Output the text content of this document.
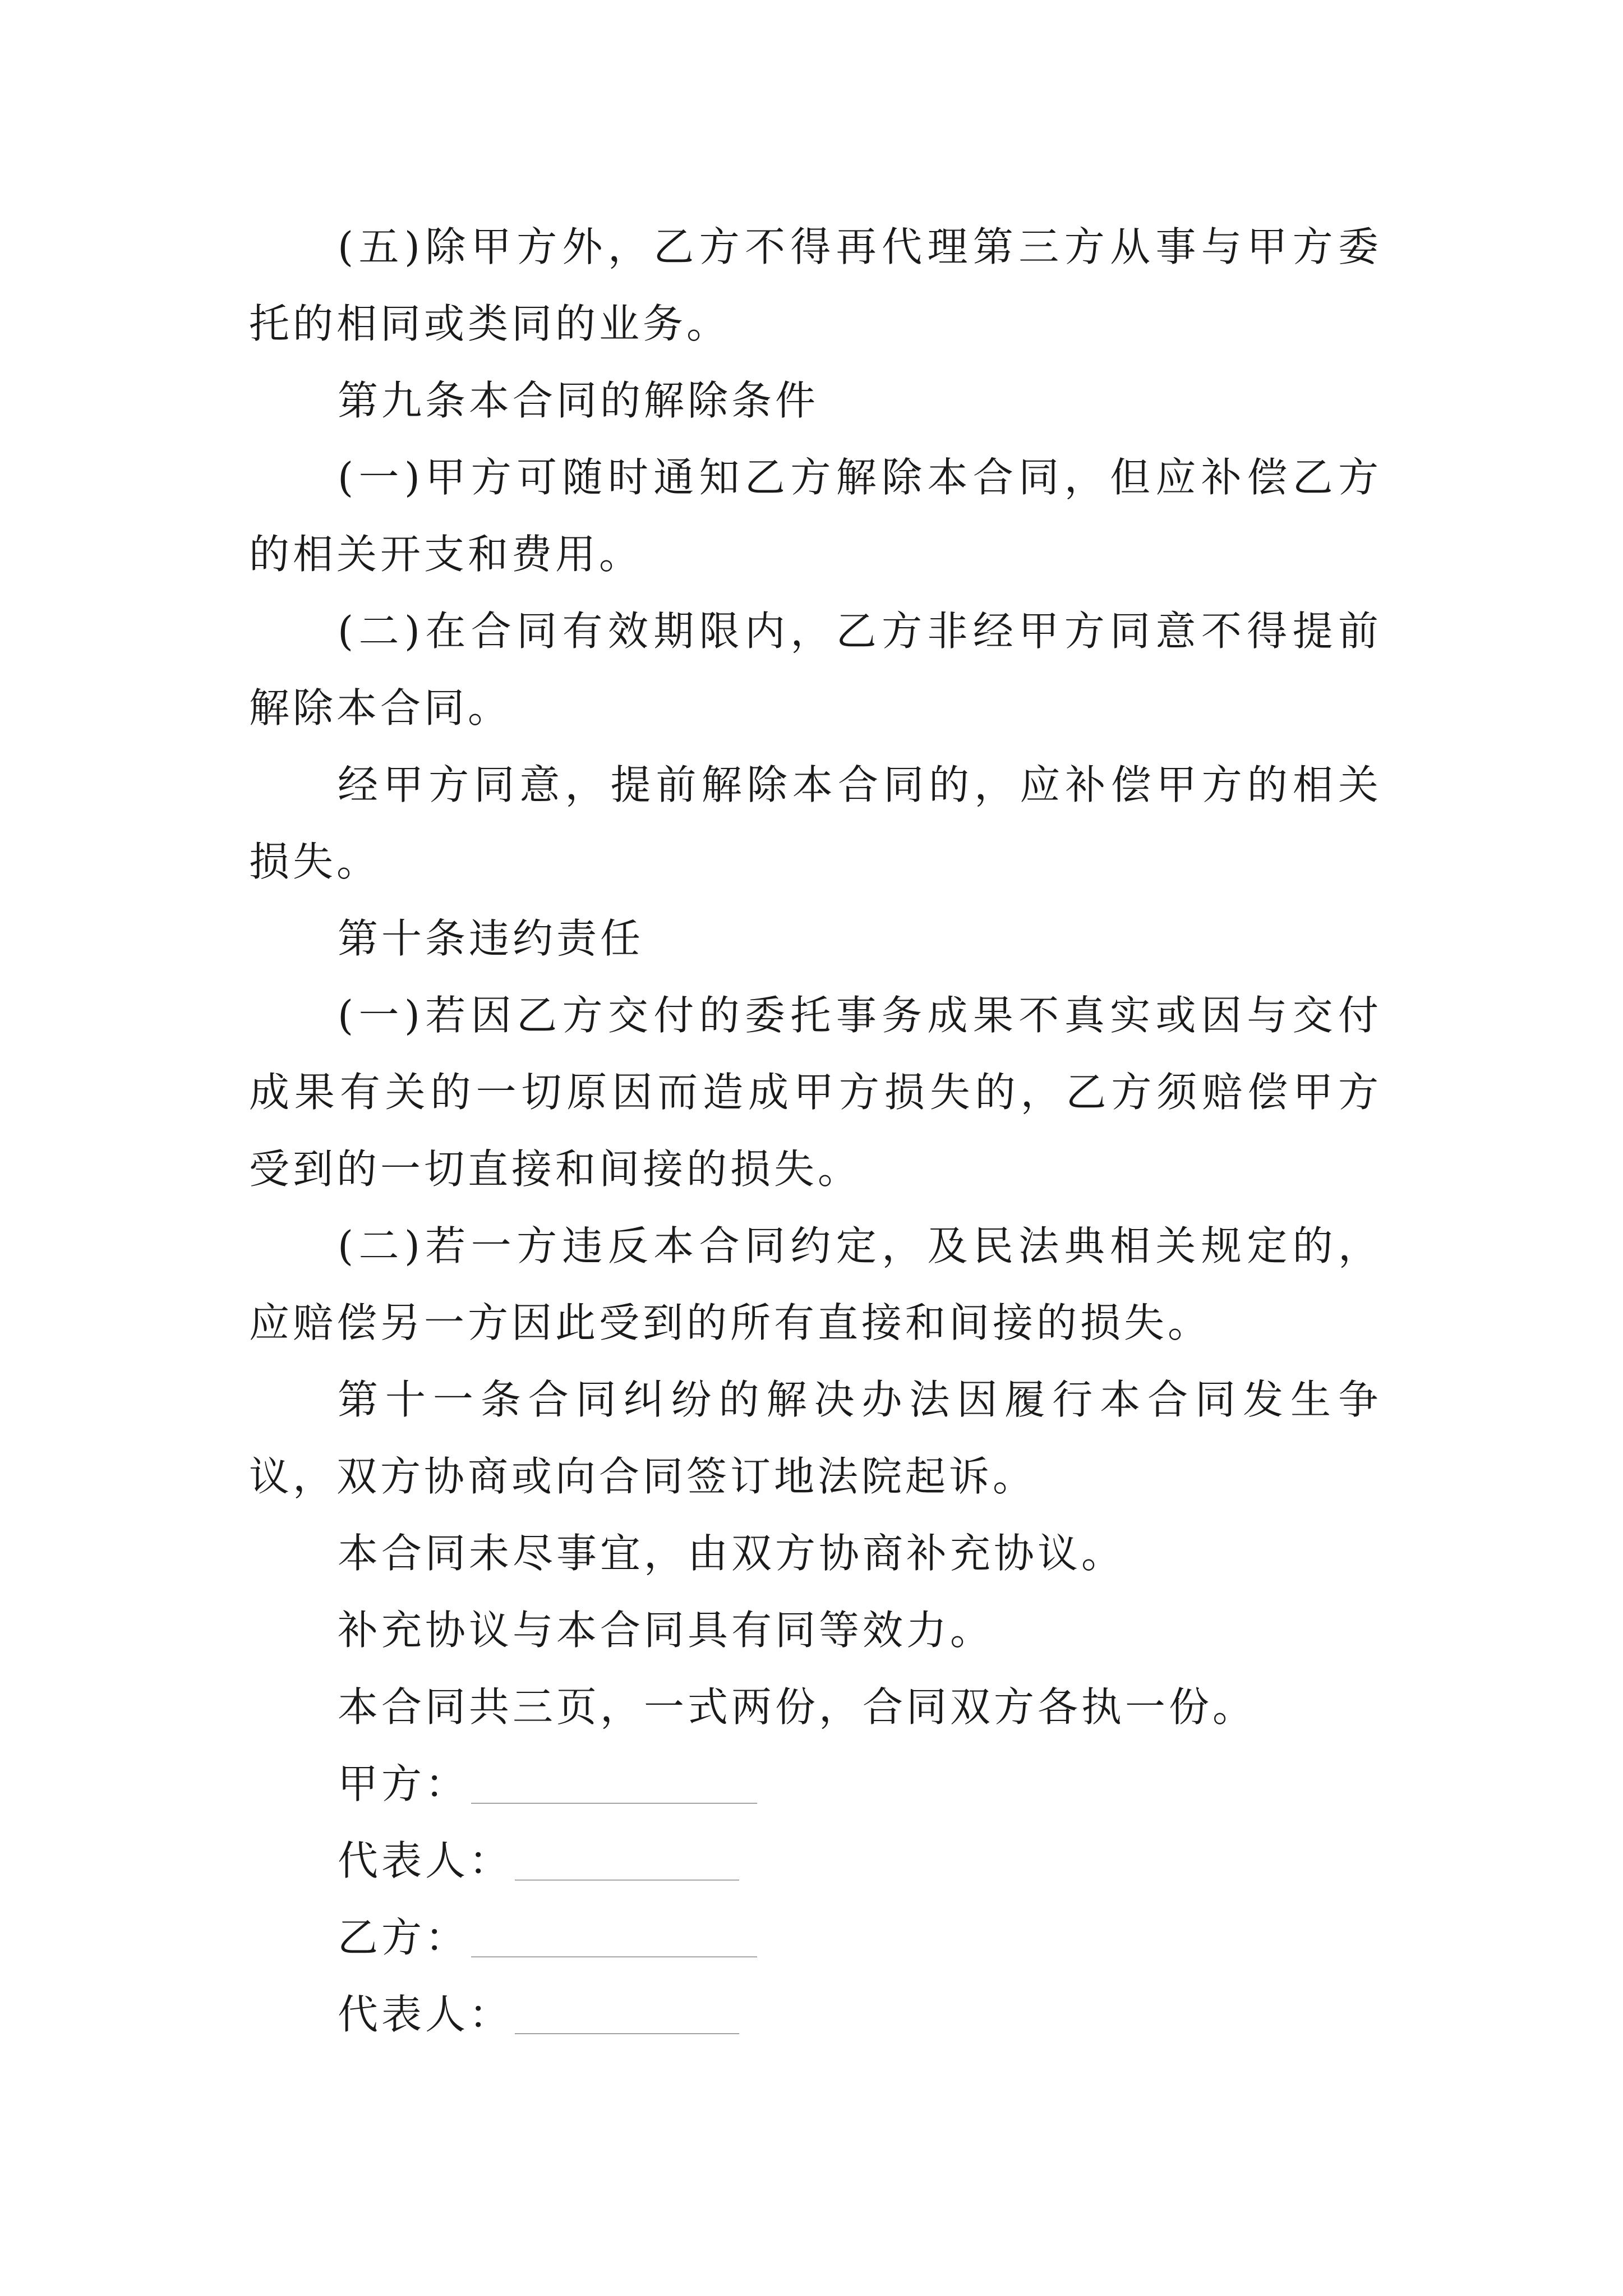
(五)除甲方外，乙方不得再代理第三方从事与甲方委托的相同或类同的业务。

第九条本合同的解除条件

(一)甲方可随时通知乙方解除本合同，但应补偿乙方的相关开支和费用。

(二)在合同有效期限内，乙方非经甲方同意不得提前解除本合同。

经甲方同意，提前解除本合同的，应补偿甲方的相关损失。

第十条违约责任

(一)若因乙方交付的委托事务成果不真实或因与交付成果有关的一切原因而造成甲方损失的，乙方须赔偿甲方受到的一切直接和间接的损失。

(二)若一方违反本合同约定，及民法典相关规定的，应赔偿另一方因此受到的所有直接和间接的损失。

第十一条合同纠纷的解决办法因履行本合同发生争议，双方协商或向合同签订地法院起诉。

本合同未尽事宜，由双方协商补充协议。

补充协议与本合同具有同等效力。

本合同共三页，一式两份，合同双方各执一份。

甲方：
代表人：
乙方：
代表人：
